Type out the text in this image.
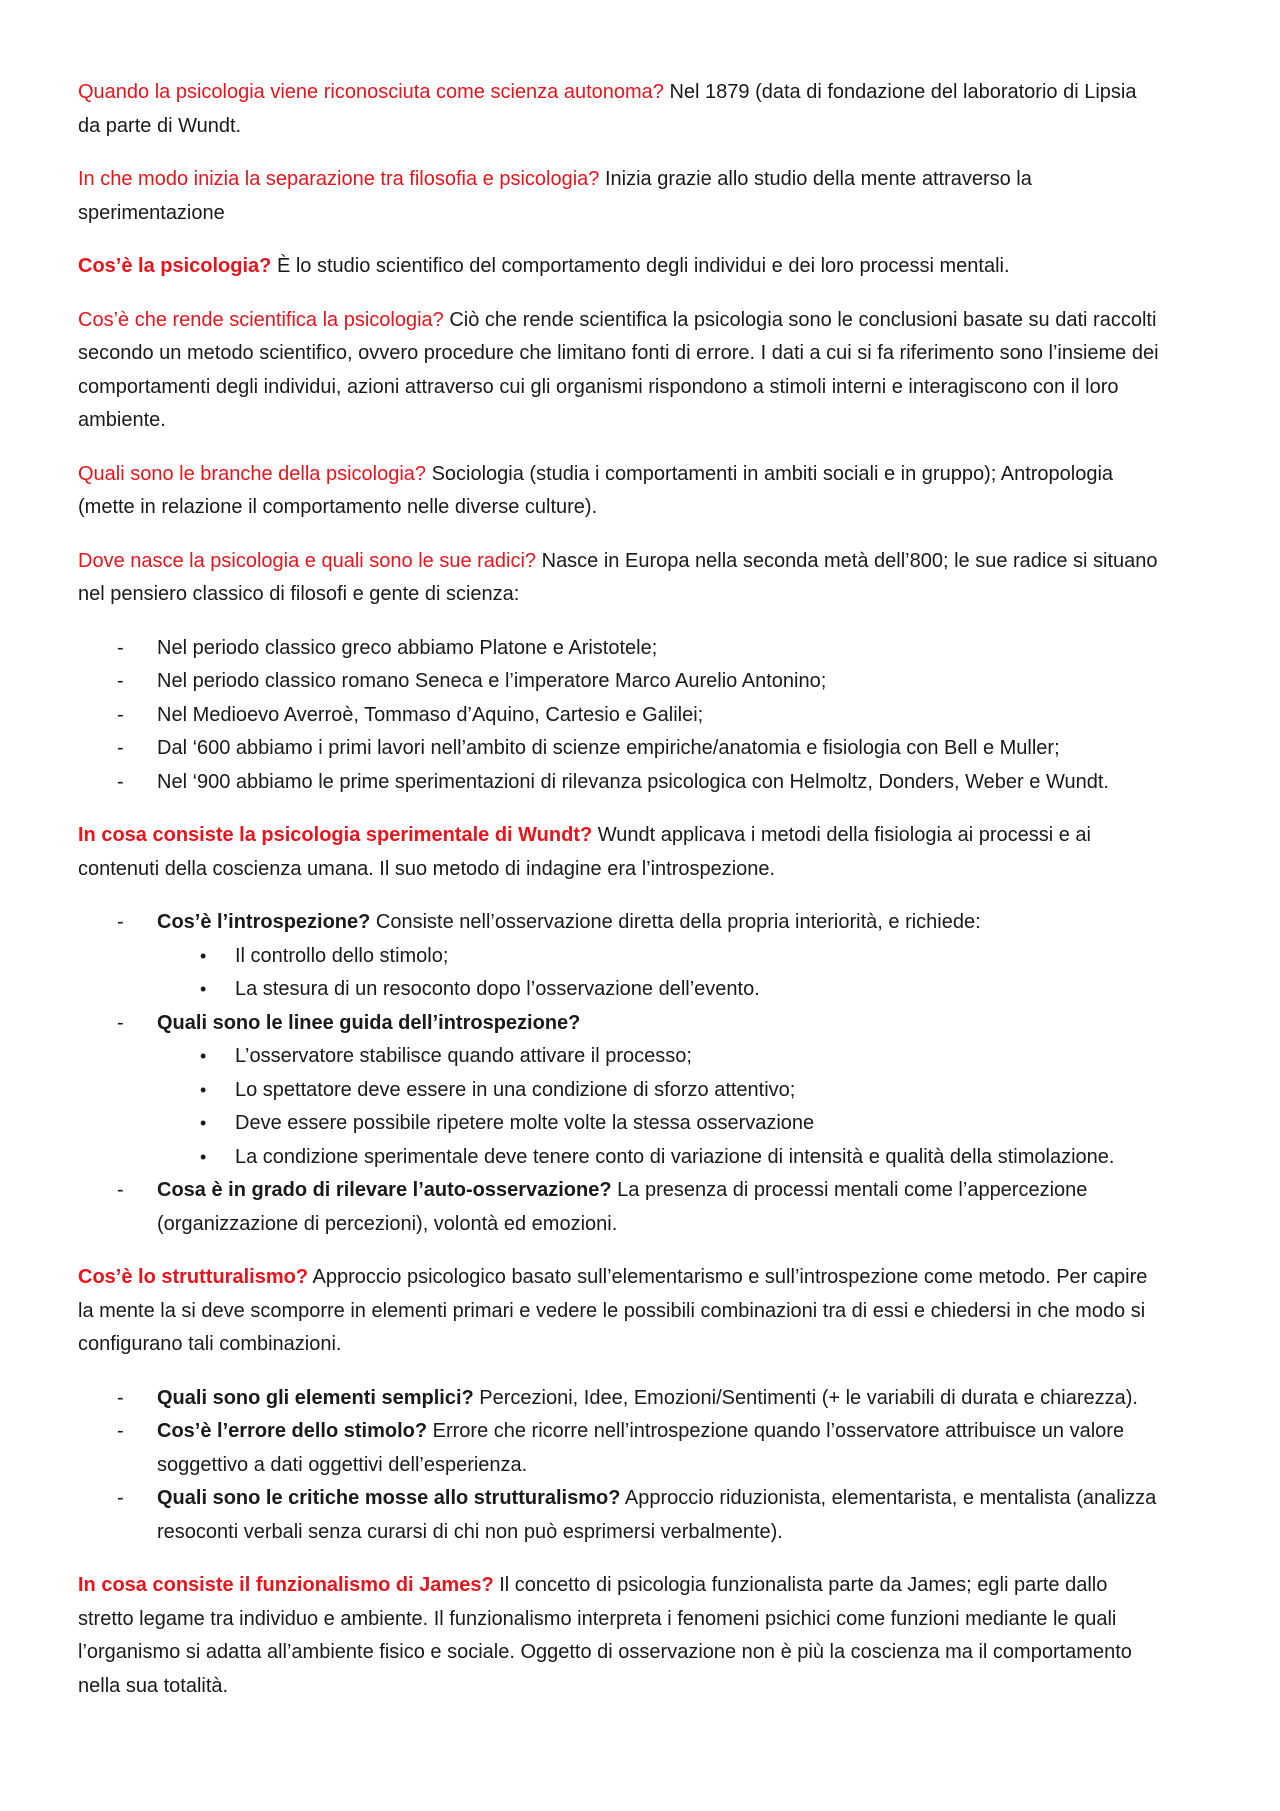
Quando la psicologia viene riconosciuta come scienza autonoma? Nel 1879 (data di fondazione del laboratorio di Lipsia da parte di Wundt.

In che modo inizia la separazione tra filosofia e psicologia? Inizia grazie allo studio della mente attraverso la sperimentazione

Cos’è la psicologia? È lo studio scientifico del comportamento degli individui e dei loro processi mentali.

Cos’è che rende scientifica la psicologia? Ciò che rende scientifica la psicologia sono le conclusioni basate su dati raccolti secondo un metodo scientifico, ovvero procedure che limitano fonti di errore. I dati a cui si fa riferimento sono l’insieme dei comportamenti degli individui, azioni attraverso cui gli organismi rispondono a stimoli interni e interagiscono con il loro ambiente.

Quali sono le branche della psicologia? Sociologia (studia i comportamenti in ambiti sociali e in gruppo); Antropologia (mette in relazione il comportamento nelle diverse culture).

Dove nasce la psicologia e quali sono le sue radici? Nasce in Europa nella seconda metà dell’800; le sue radice si situano nel pensiero classico di filosofi e gente di scienza:

- Nel periodo classico greco abbiamo Platone e Aristotele;
- Nel periodo classico romano Seneca e l’imperatore Marco Aurelio Antonino;
- Nel Medioevo Averroè, Tommaso d’Aquino, Cartesio e Galilei;
- Dal ‘600 abbiamo i primi lavori nell’ambito di scienze empiriche/anatomia e fisiologia con Bell e Muller;
- Nel ‘900 abbiamo le prime sperimentazioni di rilevanza psicologica con Helmoltz, Donders, Weber e Wundt.

In cosa consiste la psicologia sperimentale di Wundt? Wundt applicava i metodi della fisiologia ai processi e ai contenuti della coscienza umana. Il suo metodo di indagine era l’introspezione.

- Cos’è l’introspezione? Consiste nell’osservazione diretta della propria interiorità, e richiede:
• Il controllo dello stimolo;
• La stesura di un resoconto dopo l’osservazione dell’evento.
- Quali sono le linee guida dell’introspezione?
• L’osservatore stabilisce quando attivare il processo;
• Lo spettatore deve essere in una condizione di sforzo attentivo;
• Deve essere possibile ripetere molte volte la stessa osservazione
• La condizione sperimentale deve tenere conto di variazione di intensità e qualità della stimolazione.
- Cosa è in grado di rilevare l’auto-osservazione? La presenza di processi mentali come l’appercezione (organizzazione di percezioni), volontà ed emozioni.

Cos’è lo strutturalismo? Approccio psicologico basato sull’elementarismo e sull’introspezione come metodo. Per capire la mente la si deve scomporre in elementi primari e vedere le possibili combinazioni tra di essi e chiedersi in che modo si configurano tali combinazioni.

- Quali sono gli elementi semplici? Percezioni, Idee, Emozioni/Sentimenti (+ le variabili di durata e chiarezza).
- Cos’è l’errore dello stimolo? Errore che ricorre nell’introspezione quando l’osservatore attribuisce un valore soggettivo a dati oggettivi dell’esperienza.
- Quali sono le critiche mosse allo strutturalismo? Approccio riduzionista, elementarista, e mentalista (analizza resoconti verbali senza curarsi di chi non può esprimersi verbalmente).

In cosa consiste il funzionalismo di James? Il concetto di psicologia funzionalista parte da James; egli parte dallo stretto legame tra individuo e ambiente. Il funzionalismo interpreta i fenomeni psichici come funzioni mediante le quali l’organismo si adatta all’ambiente fisico e sociale. Oggetto di osservazione non è più la coscienza ma il comportamento nella sua totalità.
